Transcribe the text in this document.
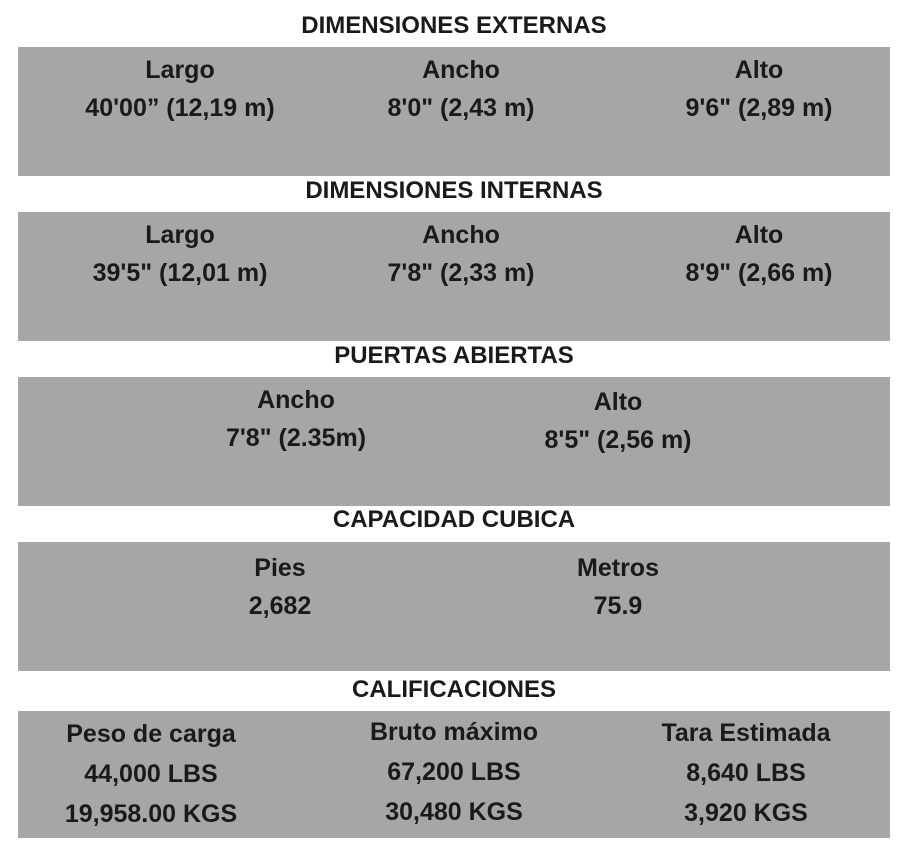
DIMENSIONES EXTERNAS
Largo
40'00” (12,19 m)
Ancho
8'0" (2,43 m)
Alto
9'6" (2,89 m)
DIMENSIONES INTERNAS
Largo
39'5" (12,01 m)
Ancho
7'8" (2,33 m)
Alto
8'9" (2,66 m)
PUERTAS ABIERTAS
Ancho
7'8" (2.35m)
Alto
8'5" (2,56 m)
CAPACIDAD CUBICA
Pies
2,682
Metros
75.9
CALIFICACIONES
Peso de carga
44,000 LBS
19,958.00 KGS
Bruto máximo
67,200 LBS
30,480 KGS
Tara Estimada
8,640 LBS
3,920 KGS
